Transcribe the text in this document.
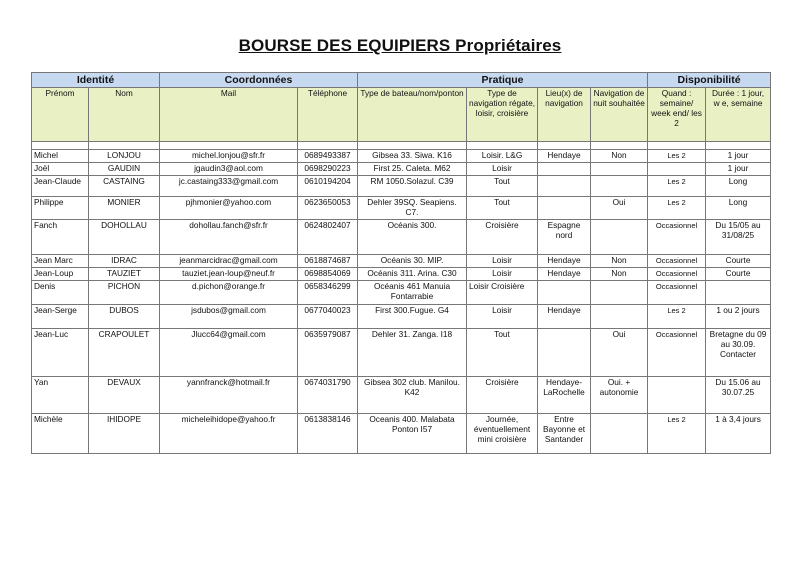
BOURSE DES EQUIPIERS Propriétaires
Identité		Coordonnées		Pratique				Disponibilité	
Prénom	Nom	Mail	Téléphone	Type de bateau/nom/ponton	Type de navigation régate, loisir, croisière	Lieu(x) de navigation	Navigation de nuit souhaitée	Quand : semaine/ week end/ les 2	Durée : 1 jour, w e, semaine

Michel	LONJOU	michel.lonjou@sfr.fr	0689493387	Gibsea 33. Siwa. K16	Loisir. L&G	Hendaye	Non	Les 2	1 jour
Joël	GAUDIN	jgaudin3@aol.com	0698290223	First 25. Caleta. M62	Loisir				1 jour
Jean-Claude	CASTAING	jc.castaing333@gmail.com	0610194204	RM 1050.Solazul. C39	Tout			Les 2	Long
Philippe	MONIER	pjhmonier@yahoo.com	0623650053	Dehler 39SQ. Seapiens. C7.	Tout		Oui	Les 2	Long
Fanch	DOHOLLAU	dohollau.fanch@sfr.fr	0624802407	Océanis 300.	Croisière	Espagne nord		Occasionnel	Du 15/05 au 31/08/25
Jean Marc	IDRAC	jeanmarcidrac@gmail.com	0618874687	Océanis 30. MIP.	Loisir	Hendaye	Non	Occasionnel	Courte
Jean-Loup	TAUZIET	tauziet.jean-loup@neuf.fr	0698854069	Océanis 311. Arina. C30	Loisir	Hendaye	Non	Occasionnel	Courte
Denis	PICHON	d.pichon@orange.fr	0658346299	Océanis 461 Manuia Fontarrabie	Loisir Croisière			Occasionnel	
Jean-Serge	DUBOS	jsdubos@gmail.com	0677040023	First 300.Fugue. G4	Loisir	Hendaye		Les 2	1 ou 2 jours
Jean-Luc	CRAPOULET	Jlucc64@gmail.com	0635979087	Dehler 31. Zanga. I18	Tout		Oui	Occasionnel	Bretagne du 09 au 30.09. Contacter
Yan	DEVAUX	yannfranck@hotmail.fr	0674031790	Gibsea 302 club. Manilou. K42	Croisière	Hendaye-LaRochelle	Oui. + autonomie		Du 15.06 au 30.07.25
Michèle	IHIDOPE	micheleihidope@yahoo.fr	0613838146	Oceanis 400. Malabata Ponton I57	Journée, éventuellement mini croisière	Entre Bayonne et Santander		Les 2	1 à 3,4 jours
